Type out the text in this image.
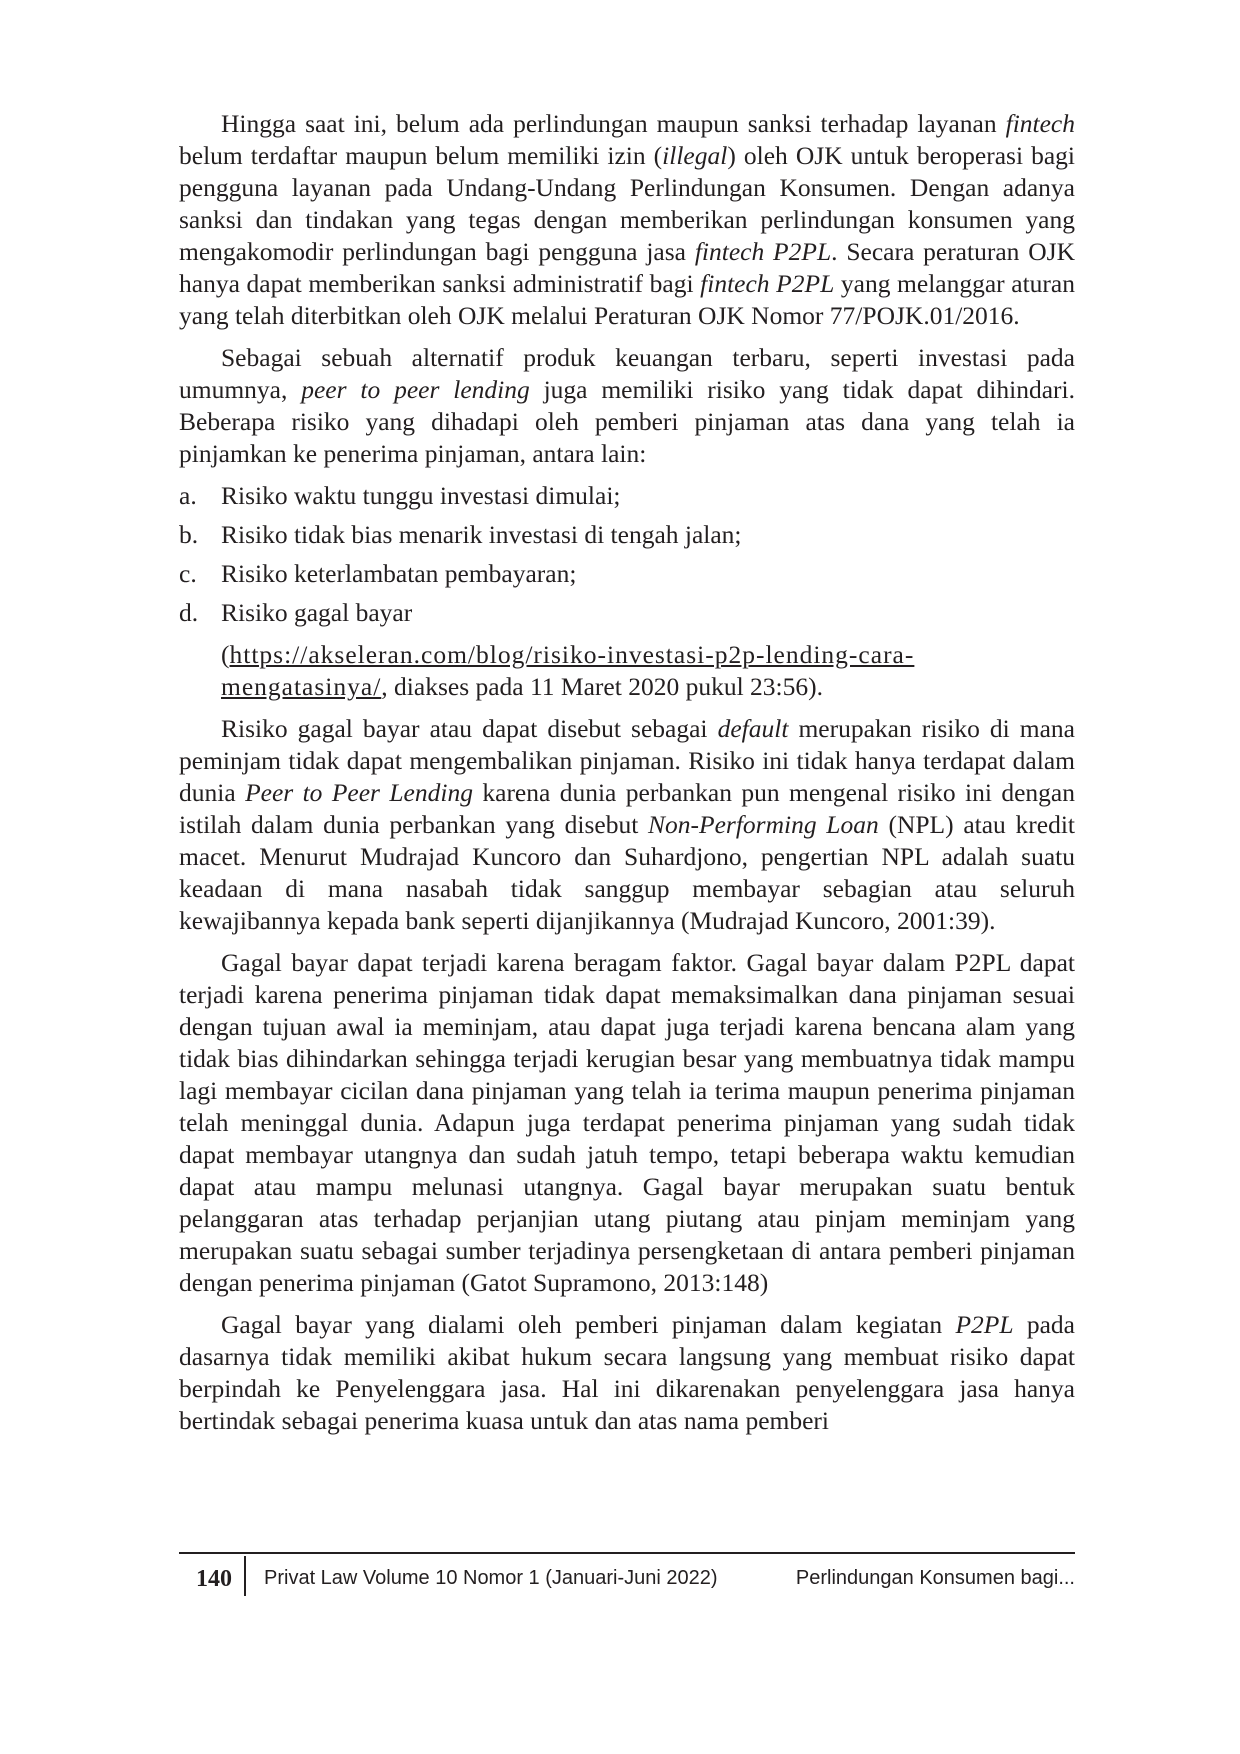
Hingga saat ini, belum ada perlindungan maupun sanksi terhadap layanan fintech belum terdaftar maupun belum memiliki izin (illegal) oleh OJK untuk beroperasi bagi pengguna layanan pada Undang-Undang Perlindungan Konsumen. Dengan adanya sanksi dan tindakan yang tegas dengan memberikan perlindungan konsumen yang mengakomodir perlindungan bagi pengguna jasa fintech P2PL. Secara peraturan OJK hanya dapat memberikan sanksi administratif bagi fintech P2PL yang melanggar aturan yang telah diterbitkan oleh OJK melalui Peraturan OJK Nomor 77/POJK.01/2016.

Sebagai sebuah alternatif produk keuangan terbaru, seperti investasi pada umumnya, peer to peer lending juga memiliki risiko yang tidak dapat dihindari. Beberapa risiko yang dihadapi oleh pemberi pinjaman atas dana yang telah ia pinjamkan ke penerima pinjaman, antara lain:

a. Risiko waktu tunggu investasi dimulai;
b. Risiko tidak bias menarik investasi di tengah jalan;
c. Risiko keterlambatan pembayaran;
d. Risiko gagal bayar

(https://akseleran.com/blog/risiko-investasi-p2p-lending-cara-mengatasinya/, diakses pada 11 Maret 2020 pukul 23:56).

Risiko gagal bayar atau dapat disebut sebagai default merupakan risiko di mana peminjam tidak dapat mengembalikan pinjaman. Risiko ini tidak hanya terdapat dalam dunia Peer to Peer Lending karena dunia perbankan pun mengenal risiko ini dengan istilah dalam dunia perbankan yang disebut Non-Performing Loan (NPL) atau kredit macet. Menurut Mudrajad Kuncoro dan Suhardjono, pengertian NPL adalah suatu keadaan di mana nasabah tidak sanggup membayar sebagian atau seluruh kewajibannya kepada bank seperti dijanjikannya (Mudrajad Kuncoro, 2001:39).

Gagal bayar dapat terjadi karena beragam faktor. Gagal bayar dalam P2PL dapat terjadi karena penerima pinjaman tidak dapat memaksimalkan dana pinjaman sesuai dengan tujuan awal ia meminjam, atau dapat juga terjadi karena bencana alam yang tidak bias dihindarkan sehingga terjadi kerugian besar yang membuatnya tidak mampu lagi membayar cicilan dana pinjaman yang telah ia terima maupun penerima pinjaman telah meninggal dunia. Adapun juga terdapat penerima pinjaman yang sudah tidak dapat membayar utangnya dan sudah jatuh tempo, tetapi beberapa waktu kemudian dapat atau mampu melunasi utangnya. Gagal bayar merupakan suatu bentuk pelanggaran atas terhadap perjanjian utang piutang atau pinjam meminjam yang merupakan suatu sebagai sumber terjadinya persengketaan di antara pemberi pinjaman dengan penerima pinjaman (Gatot Supramono, 2013:148)

Gagal bayar yang dialami oleh pemberi pinjaman dalam kegiatan P2PL pada dasarnya tidak memiliki akibat hukum secara langsung yang membuat risiko dapat berpindah ke Penyelenggara jasa. Hal ini dikarenakan penyelenggara jasa hanya bertindak sebagai penerima kuasa untuk dan atas nama pemberi

140 Privat Law Volume 10 Nomor 1 (Januari-Juni 2022)	Perlindungan Konsumen bagi...
